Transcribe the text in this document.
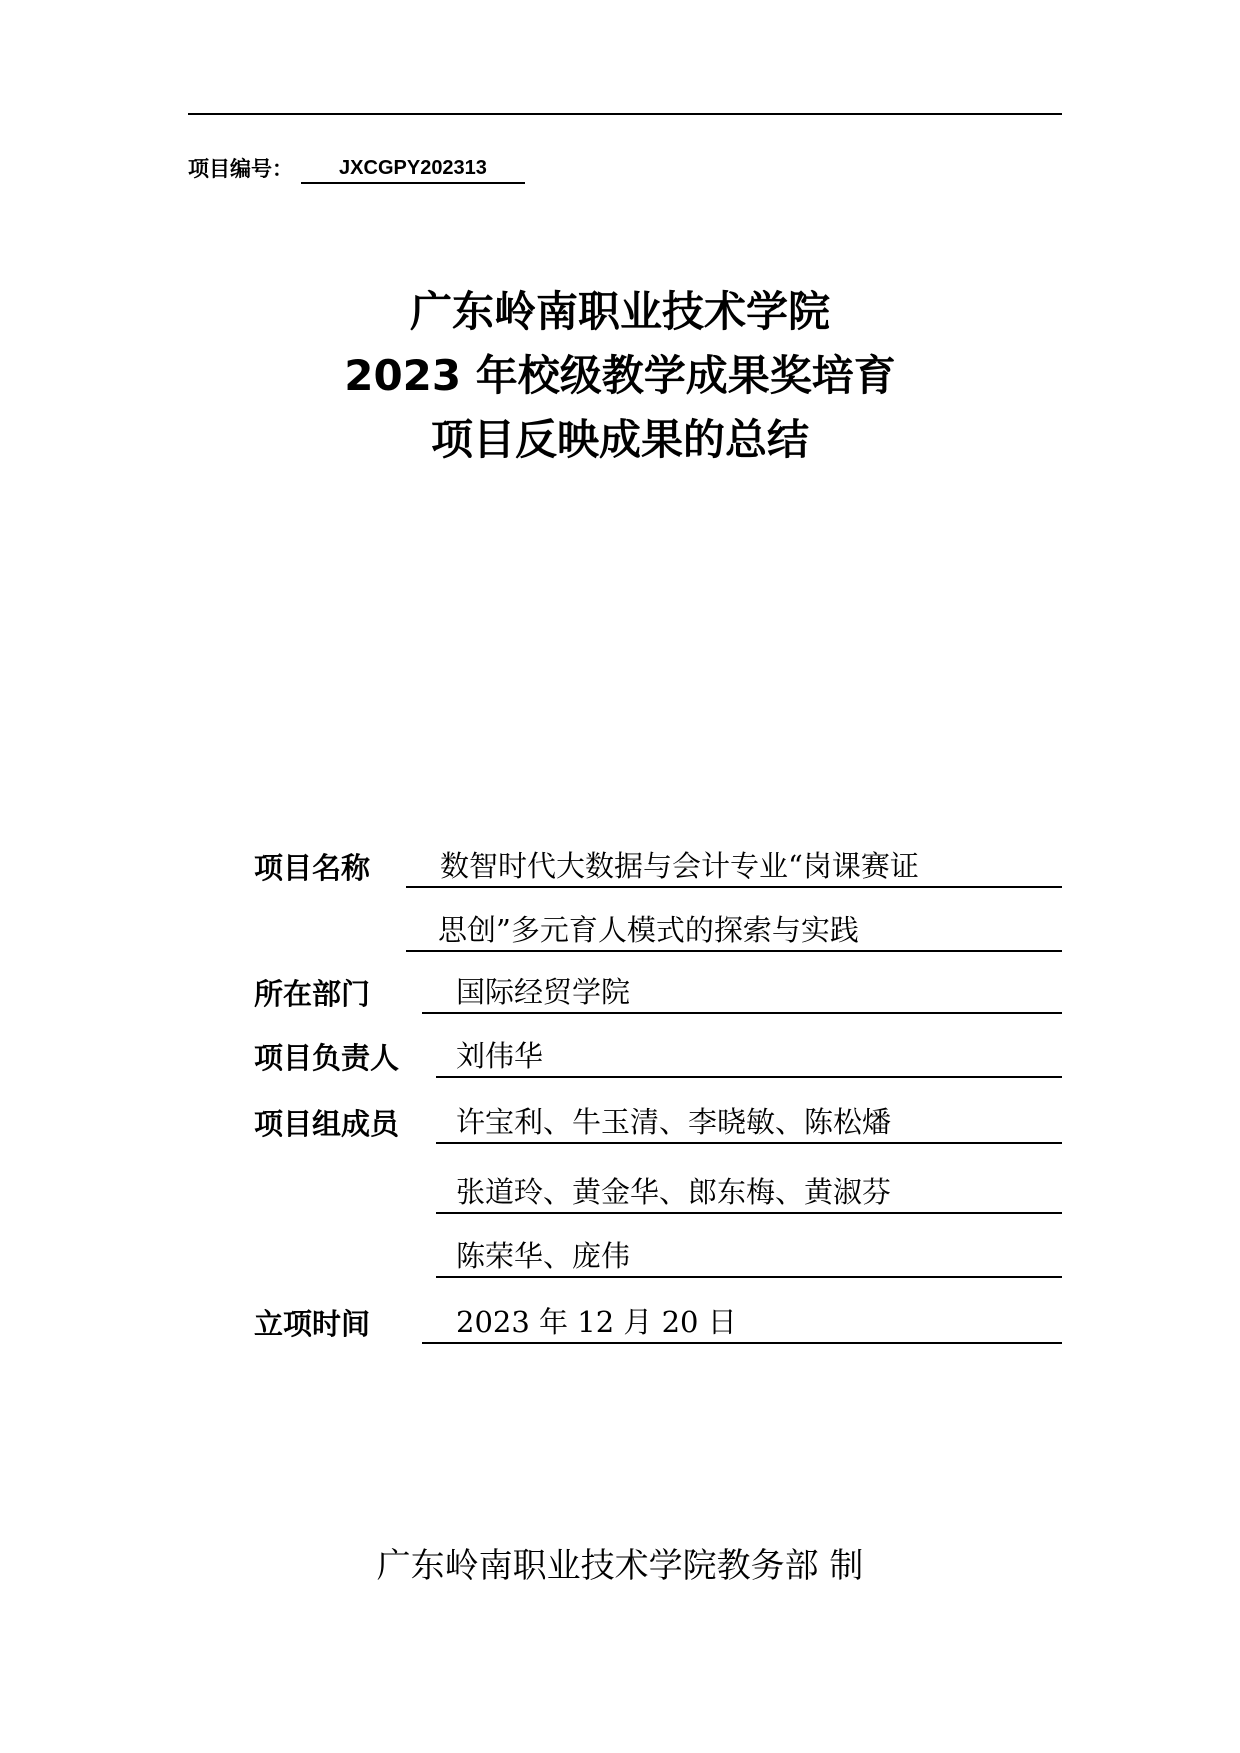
项目编号：	JXCGPY202313
广东岭南职业技术学院
2023 年校级教学成果奖培育
项目反映成果的总结
项目名称	数智时代大数据与会计专业“岗课赛证
思创”多元育人模式的探索与实践
所在部门	国际经贸学院
项目负责人	刘伟华
项目组成员	许宝利、牛玉清、李晓敏、陈松燔
张道玲、黄金华、郎东梅、黄淑芬
陈荣华、庞伟
立项时间	2023 年 12 月 20 日
广东岭南职业技术学院教务部 制
